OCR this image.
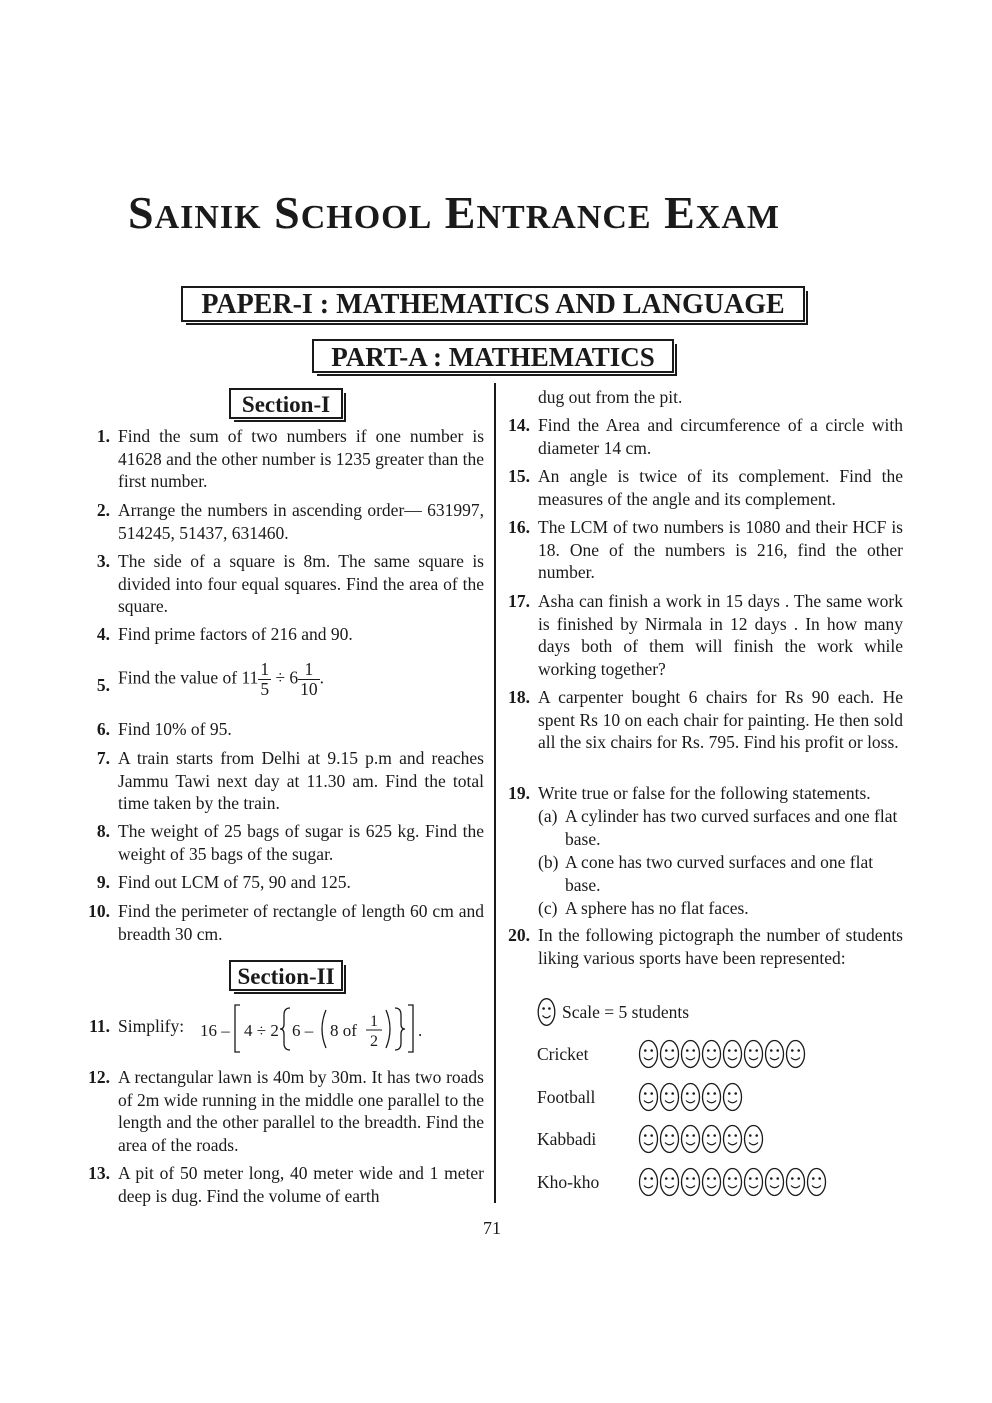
SAINIK SCHOOL ENTRANCE EXAM
PAPER-I : MATHEMATICS AND LANGUAGE
PART-A : MATHEMATICS
Section-I
Section-II
1. Find the sum of two numbers if one number is 41628 and the other number is 1235 greater than the first number.
2. Arrange the numbers in ascending order— 631997, 514245, 51437, 631460.
3. The side of a square is 8m. The same square is divided into four equal squares. Find the area of the square.
4. Find prime factors of 216 and 90.
5. Find the value of $11 \frac{1}{5} \div 6 \frac{1}{10}$ .
6. Find 10% of 95.
7. A train starts from Delhi at 9.15 p.m and reaches Jammu Tawi next day at 11.30 am. Find the total time taken by the train.
8. The weight of 25 bags of sugar is 625 kg. Find the weight of 35 bags of the sugar.
9. Find out LCM of 75, 90 and 125.
10. Find the perimeter of rectangle of length 60 cm and breadth 30 cm.
11. Simplify: 16 – 4 ÷ 2 6 – 8 of 1
2
.
12. A rectangular lawn is 40m by 30m. It has two roads of 2m wide running in the middle one parallel to the length and the other parallel to the breadth. Find the area of the roads.
13. A pit of 50 meter long, 40 meter wide and 1 meter deep is dug. Find the volume of earth
dug out from the pit.
14. Find the Area and circumference of a circle with diameter 14 cm.
15. An angle is twice of its complement. Find the measures of the angle and its complement.
16. The LCM of two numbers is 1080 and their HCF is 18. One of the numbers is 216, find the other number.
17. Asha can finish a work in 15 days . The same work is finished by Nirmala in 12 days . In how many days both of them will finish the work while working together?
18. A carpenter bought 6 chairs for Rs 90 each. He spent Rs 10 on each chair for painting. He then sold all the six chairs for Rs. 795. Find his profit or loss.
19. Write true or false for the following statements.
(a) A cylinder has two curved surfaces and one flat base.
(b) A cone has two curved surfaces and one flat base.
(c) A sphere has no flat faces.
20. In the following pictograph the number of students liking various sports have been represented:
Scale = 5 students
Cricket
Football
Kabbadi
Kho-kho
71
